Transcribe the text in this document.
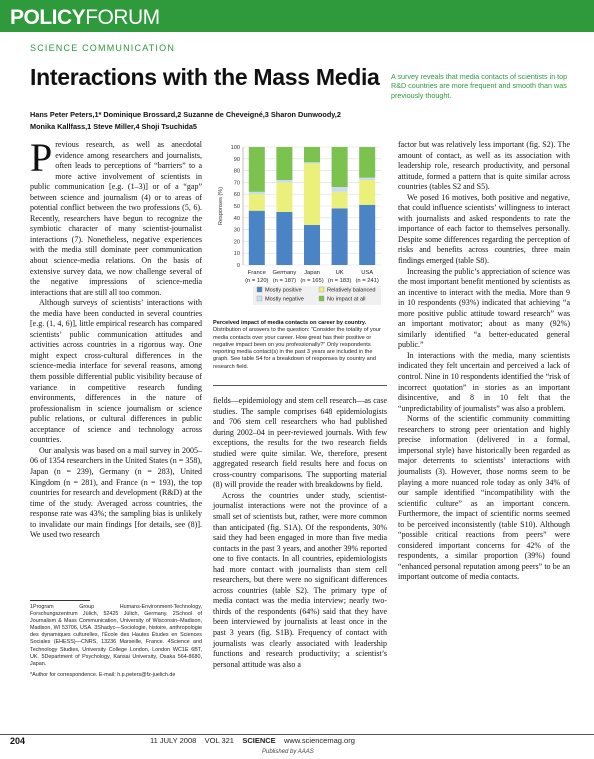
POLICYFORUM
SCIENCE COMMUNICATION
Interactions with the Mass Media A survey reveals that media contacts of scientists in top R&D countries are more frequent and smooth than was previously thought.
Hans Peter Peters,1* Dominique Brossard,2 Suzanne de Cheveigné,3 Sharon Dunwoody,2
Monika Kallfass,1 Steve Miller,4 Shoji Tsuchida5

Previous research, as well as anecdotal evidence among researchers and journalists, often leads to perceptions of “barriers” to a more active involvement of scientists in public communication [e.g. (1–3)] or of a “gap” between science and journalism (4) or to areas of potential conflict between the two professions (5, 6). Recently, researchers have begun to recognize the symbiotic character of many scientist-journalist interactions (7). Nonetheless, negative experiences with the media still dominate peer communication about science-media relations. On the basis of extensive survey data, we now challenge several of the negative impressions of science-media interactions that are still all too common.

Although surveys of scientists’ interactions with the media have been conducted in several countries [e.g. (1, 4, 6)], little empirical research has compared scientists’ public communication attitudes and activities across countries in a rigorous way. One might expect cross-cultural differences in the science-media interface for several reasons, among them possible differential public visibility because of variance in competitive research funding environments, differences in the nature of professionalism in science journalism or science public relations, or cultural differences in public acceptance of science and technology across countries.

Our analysis was based on a mail survey in 2005–06 of 1354 researchers in the United States (n = 358), Japan (n = 239), Germany (n = 283), United Kingdom (n = 281), and France (n = 193), the top countries for research and development (R&D) at the time of the study. Averaged across countries, the response rate was 43%; the sampling bias is unlikely to invalidate our main findings [for details, see (8)]. We used two research

1Program Group Humans-Environment-Technology, Forschungszentrum Jülich, 52425 Jülich, Germany. 2School of Journalism & Mass Communication, University of Wisconsin–Madison, Madison, WI 53706, USA. 3Shadyc—Sociologie, histoire, anthropologie des dynamiques culturelles, l’École des Hautes Études en Sciences Sociales (EHESS)—CNRS, 13236 Marseille, France. 4Science and Technology Studies, University College London, London WC1E 6BT, UK. 5Department of Psychology, Kansai University, Osaka 564-8680, Japan.

*Author for correspondence. E-mail: h.p.peters@fz-juelich.de

0
10
20
30
40
50
60
70
80
90
100
Responses (%)
France
(n = 120)
Germany
(n = 187)
Japan
(n = 165)
UK
(n = 183)
USA
(n = 241)
Mostly positive	Relatively balanced
Mostly negative	No impact at all
Perceived impact of media contacts on career by country. Distribution of answers to the question: “Consider the totality of your media contacts over your career. How great has their positive or negative impact been on you professionally?” Only respondents reporting media contact(s) in the past 3 years are included in the graph. See table S4 for a breakdown of responses by country and research field.

fields—epidemiology and stem cell research—as case studies. The sample comprises 648 epidemiologists and 706 stem cell researchers who had published during 2002–04 in peer-reviewed journals. With few exceptions, the results for the two research fields studied were quite similar. We, therefore, present aggregated research field results here and focus on cross-country comparisons. The supporting material (8) will provide the reader with breakdowns by field.

Across the countries under study, scientist-journalist interactions were not the province of a small set of scientists but, rather, were more common than anticipated (fig. S1A). Of the respondents, 30% said they had been engaged in more than five media contacts in the past 3 years, and another 39% reported one to five contacts. In all countries, epidemiologists had more contact with journalists than stem cell researchers, but there were no significant differences across countries (table S2). The primary type of media contact was the media interview; nearly two-thirds of the respondents (64%) said that they have been interviewed by journalists at least once in the past 3 years (fig. S1B). Frequency of contact with journalists was clearly associated with leadership functions and research productivity; a scientist’s personal attitude was also a

factor but was relatively less important (fig. S2). The amount of contact, as well as its association with leadership role, research productivity, and personal attitude, formed a pattern that is quite similar across countries (tables S2 and S5).

We posed 16 motives, both positive and negative, that could influence scientists’ willingness to interact with journalists and asked respondents to rate the importance of each factor to themselves personally. Despite some differences regarding the perception of risks and benefits across countries, three main findings emerged (table S8).

Increasing the public’s appreciation of science was the most important benefit mentioned by scientists as an incentive to interact with the media. More than 9 in 10 respondents (93%) indicated that achieving “a more positive public attitude toward research” was an important motivator; about as many (92%) similarly identified “a better-educated general public.”

In interactions with the media, many scientists indicated they felt uncertain and perceived a lack of control. Nine in 10 respondents identified the “risk of incorrect quotation” in stories as an important disincentive, and 8 in 10 felt that the “unpredictability of journalists” was also a problem.

Norms of the scientific community committing researchers to strong peer orientation and highly precise information (delivered in a formal, impersonal style) have historically been regarded as major deterrents to scientists’ interactions with journalists (3). However, those norms seem to be playing a more nuanced role today as only 34% of our sample identified “incompatibility with the scientific culture” as an important concern. Furthermore, the impact of scientific norms seemed to be perceived inconsistently (table S10). Although “possible critical reactions from peers” were considered important concerns for 42% of the respondents, a similar proportion (39%) found “enhanced personal reputation among peers” to be an important outcome of media contacts.

204	11 JULY 2008 VOL 321 SCIENCE www.sciencemag.org
Published by AAAS
